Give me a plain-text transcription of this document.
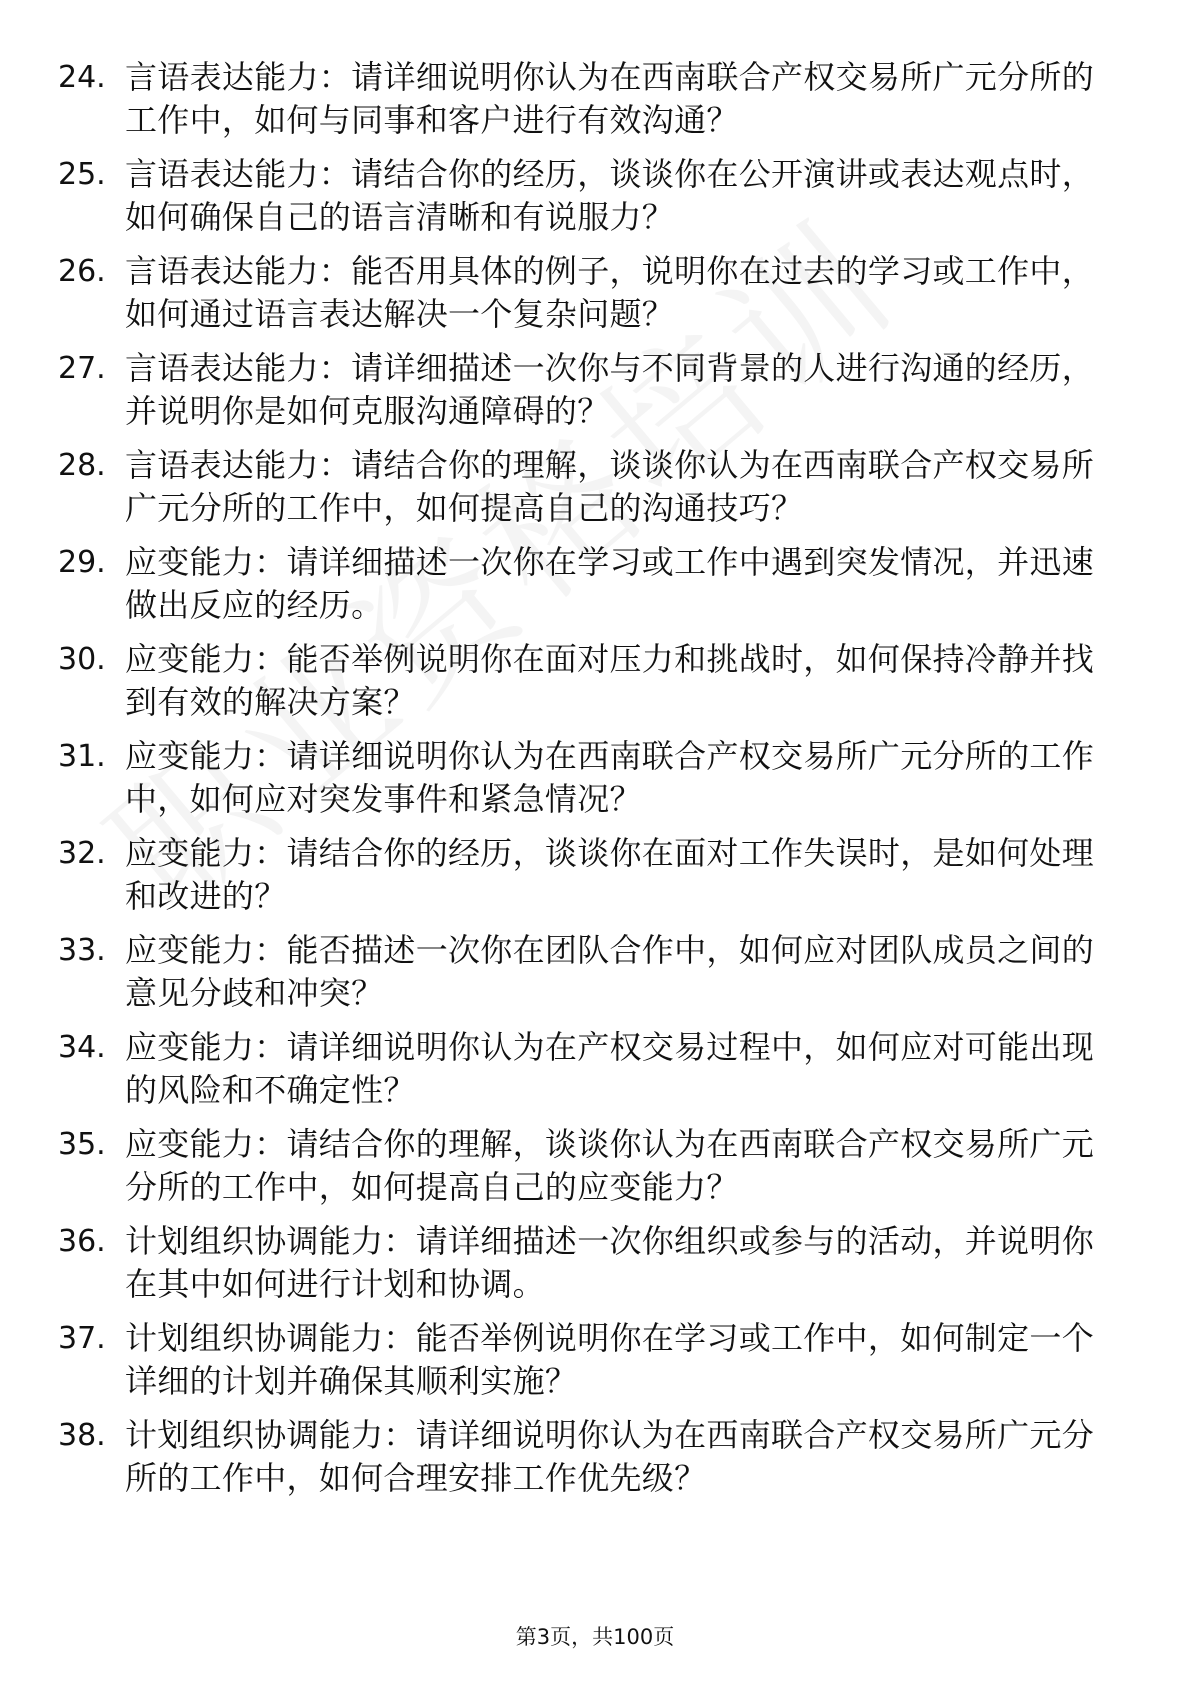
24. 言语表达能力：请详细说明你认为在西南联合产权交易所广元分所的工作中，如何与同事和客户进行有效沟通？
25. 言语表达能力：请结合你的经历，谈谈你在公开演讲或表达观点时，如何确保自己的语言清晰和有说服力？
26. 言语表达能力：能否用具体的例子，说明你在过去的学习或工作中，如何通过语言表达解决一个复杂问题？
27. 言语表达能力：请详细描述一次你与不同背景的人进行沟通的经历，并说明你是如何克服沟通障碍的？
28. 言语表达能力：请结合你的理解，谈谈你认为在西南联合产权交易所广元分所的工作中，如何提高自己的沟通技巧？
29. 应变能力：请详细描述一次你在学习或工作中遇到突发情况，并迅速做出反应的经历。
30. 应变能力：能否举例说明你在面对压力和挑战时，如何保持冷静并找到有效的解决方案？
31. 应变能力：请详细说明你认为在西南联合产权交易所广元分所的工作中，如何应对突发事件和紧急情况？
32. 应变能力：请结合你的经历，谈谈你在面对工作失误时，是如何处理和改进的？
33. 应变能力：能否描述一次你在团队合作中，如何应对团队成员之间的意见分歧和冲突？
34. 应变能力：请详细说明你认为在产权交易过程中，如何应对可能出现的风险和不确定性？
35. 应变能力：请结合你的理解，谈谈你认为在西南联合产权交易所广元分所的工作中，如何提高自己的应变能力？
36. 计划组织协调能力：请详细描述一次你组织或参与的活动，并说明你在其中如何进行计划和协调。
37. 计划组织协调能力：能否举例说明你在学习或工作中，如何制定一个详细的计划并确保其顺利实施？
38. 计划组织协调能力：请详细说明你认为在西南联合产权交易所广元分所的工作中，如何合理安排工作优先级？
第3页，共100页
